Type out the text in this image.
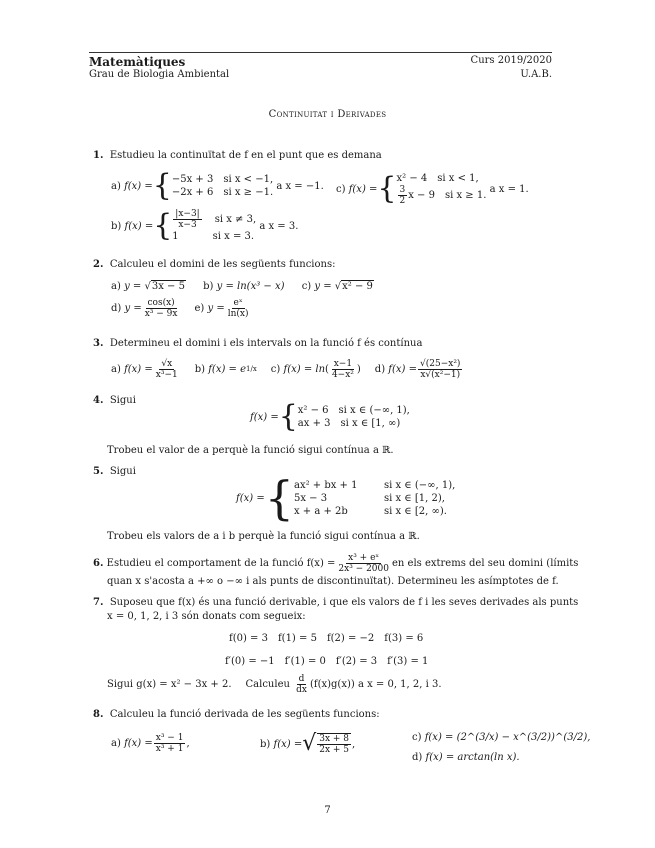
Matemàtiques
Grau de Biologia Ambiental
Curs 2019/2020
U.A.B.
Continuitat i Derivades
1. Estudieu la continuïtat de f en el punt que es demana
a)
f(x) = { −5x + 3 si x < −1,
−2x + 6 si x ≥ −1.

a x = −1. c)
f(x) = { x² − 4 si x < 1,
$\frac{3}{2}$ x − 9 si x ≥ 1.

a x = 1.
b)
f(x) = { $\frac{|x-3|}{x-3}$ si x ≠ 3,
1	si x = 3.

a x = 3.
2. Calculeu el domini de les següents funcions:
a) y = √3x − 5 b) y = ln(x³ − x) c) y = √x² − 9
d)
$y = \frac{\cos(x)}{\text{x³ − 9x}} e$)
$y = \frac{\text{eˣ}}{\ln(x)}$
3. Determineu el domini i els intervals on la funció f és contínua
a)
$f(x) = \frac{√x}{\text{x³−1}} b$)
f(x) = e 1/x c)
f(x) = ln ( $\frac{x-1}{\text{4−x²}}$ ) d)
$f(x) = \frac{\text{√(25−x²)}}{\text{x√(x²−1)}}$
4. Sigui
f(x) = { x² − 6 si x ∈ (−∞, 1),
ax + 3 si x ∈ [1, ∞)
Trobeu el valor de a perquè la funció sigui contínua a ℝ.
5. Sigui
f(x) = { ax² + bx + 1	si x ∈ (−∞, 1),
5x − 3	si x ∈ [1, 2),
x + a + 2b	si x ∈ [2, ∞).
Trobeu els valors de a i b perquè la funció sigui contínua a ℝ.
6.
Estudieu el comportament de la funció $f(x) = \frac{\text{x³ + eˣ}}{\text{2x³ − 2000}}$ en els extrems del seu domini (límits
quan x s'acosta a +∞ o −∞ i als punts de discontinuïtat). Determineu les asímptotes de f.
7. Suposeu que f(x) és una funció derivable, i que els valors de f i les seves derivades als punts
x = 0, 1, 2, i 3 són donats com segueix:
f(0) = 3 f(1) = 5 f(2) = −2 f(3) = 6
f′(0) = −1 f′(1) = 0 f′(2) = 3 f′(3) = 1
Sigui g(x) = x² − 3x + 2. Calculeu
$\frac{d}{dx} (f(x)g(x))$ a x = 0, 1, 2, i 3.
8. Calculeu la funció derivada de les següents funcions:
a)
$f(x) = \frac{\text{x³ − 1}}{\text{x³ + 1}}$ ,	b)
f(x) = √ $\frac{3x + 8}{2x + 5}$ ,
c) f(x) = (2^(3/x) − x^(3/2))^(3/2),
d) f(x) = arctan(ln x).
7
